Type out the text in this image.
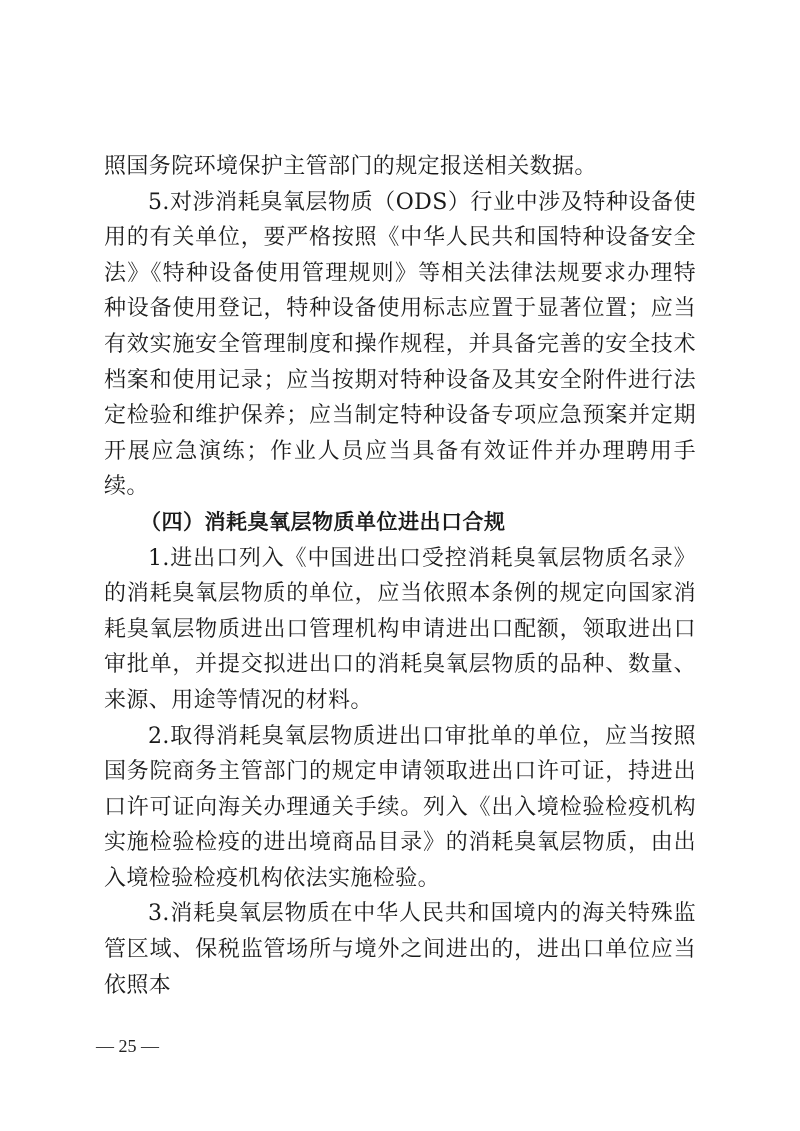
照国务院环境保护主管部门的规定报送相关数据。

5.对涉消耗臭氧层物质（ODS）行业中涉及特种设备使用的有关单位，要严格按照《中华人民共和国特种设备安全法》《特种设备使用管理规则》等相关法律法规要求办理特种设备使用登记，特种设备使用标志应置于显著位置；应当有效实施安全管理制度和操作规程，并具备完善的安全技术档案和使用记录；应当按期对特种设备及其安全附件进行法定检验和维护保养；应当制定特种设备专项应急预案并定期开展应急演练；作业人员应当具备有效证件并办理聘用手续。

（四）消耗臭氧层物质单位进出口合规

1.进出口列入《中国进出口受控消耗臭氧层物质名录》的消耗臭氧层物质的单位，应当依照本条例的规定向国家消耗臭氧层物质进出口管理机构申请进出口配额，领取进出口审批单，并提交拟进出口的消耗臭氧层物质的品种、数量、来源、用途等情况的材料。

2.取得消耗臭氧层物质进出口审批单的单位，应当按照国务院商务主管部门的规定申请领取进出口许可证，持进出口许可证向海关办理通关手续。列入《出入境检验检疫机构实施检验检疫的进出境商品目录》的消耗臭氧层物质，由出入境检验检疫机构依法实施检验。

3.消耗臭氧层物质在中华人民共和国境内的海关特殊监管区域、保税监管场所与境外之间进出的，进出口单位应当依照本

— 25 —
